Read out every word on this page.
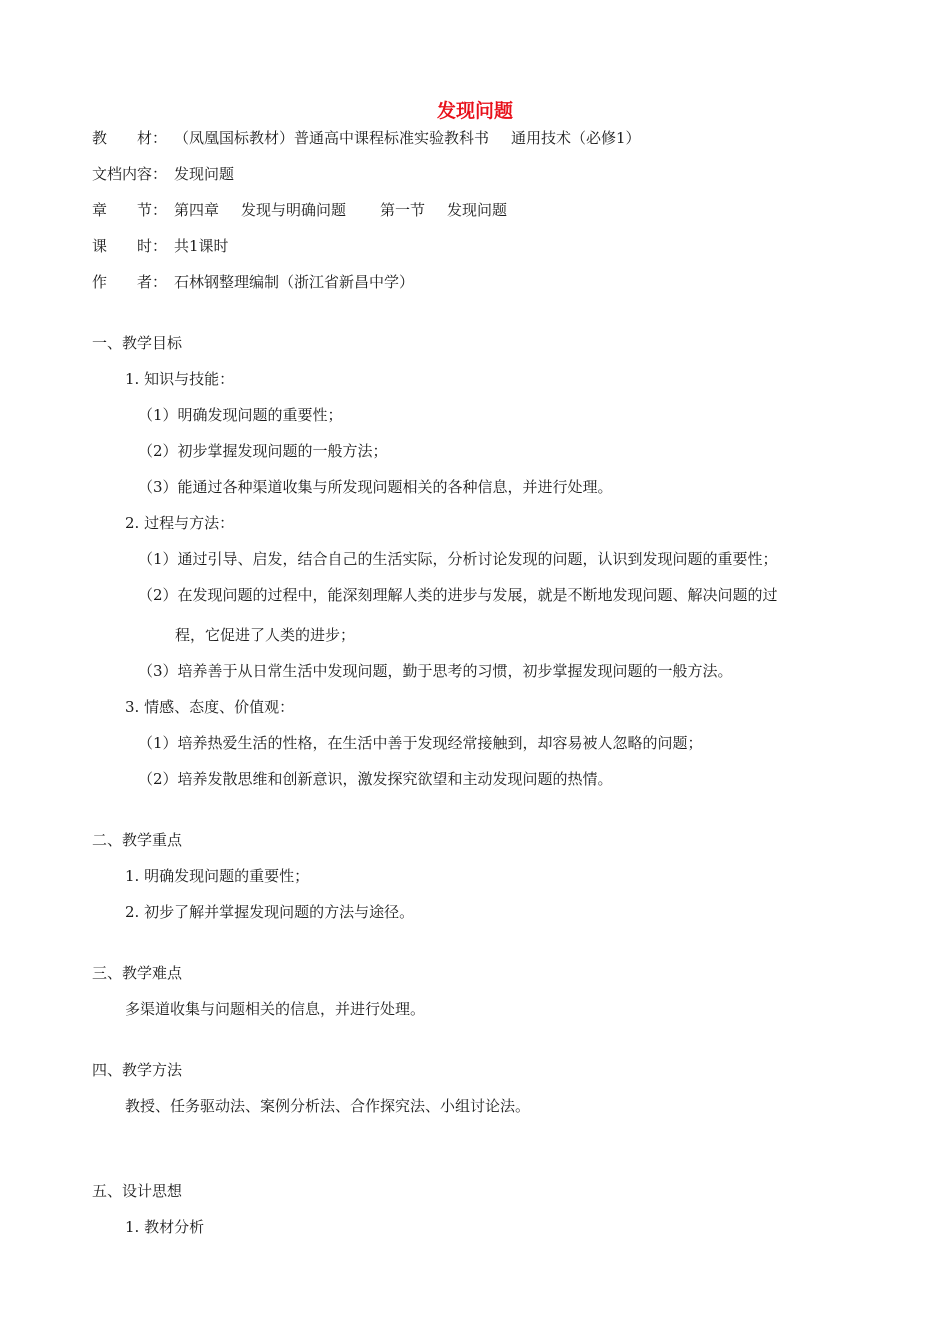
发现问题
教　　材： （凤凰国标教材）普通高中课程标准实验教科书 通用技术（必修1）
文档内容： 发现问题
章　　节： 第四章 发现与明确问题 第一节 发现问题
课　　时： 共1课时
作　　者： 石林钢整理编制（浙江省新昌中学）
一、教学目标
1. 知识与技能：
（1）明确发现问题的重要性；
（2）初步掌握发现问题的一般方法；
（3）能通过各种渠道收集与所发现问题相关的各种信息，并进行处理。
2. 过程与方法：
（1）通过引导、启发，结合自己的生活实际，分析讨论发现的问题，认识到发现问题的重要性；
（2）在发现问题的过程中，能深刻理解人类的进步与发展，就是不断地发现问题、解决问题的过
程，它促进了人类的进步；
（3）培养善于从日常生活中发现问题，勤于思考的习惯，初步掌握发现问题的一般方法。
3. 情感、态度、价值观：
（1）培养热爱生活的性格，在生活中善于发现经常接触到，却容易被人忽略的问题；
（2）培养发散思维和创新意识，激发探究欲望和主动发现问题的热情。
二、教学重点
1. 明确发现问题的重要性；
2. 初步了解并掌握发现问题的方法与途径。
三、教学难点
多渠道收集与问题相关的信息，并进行处理。
四、教学方法
教授、任务驱动法、案例分析法、合作探究法、小组讨论法。
五、设计思想
1. 教材分析
